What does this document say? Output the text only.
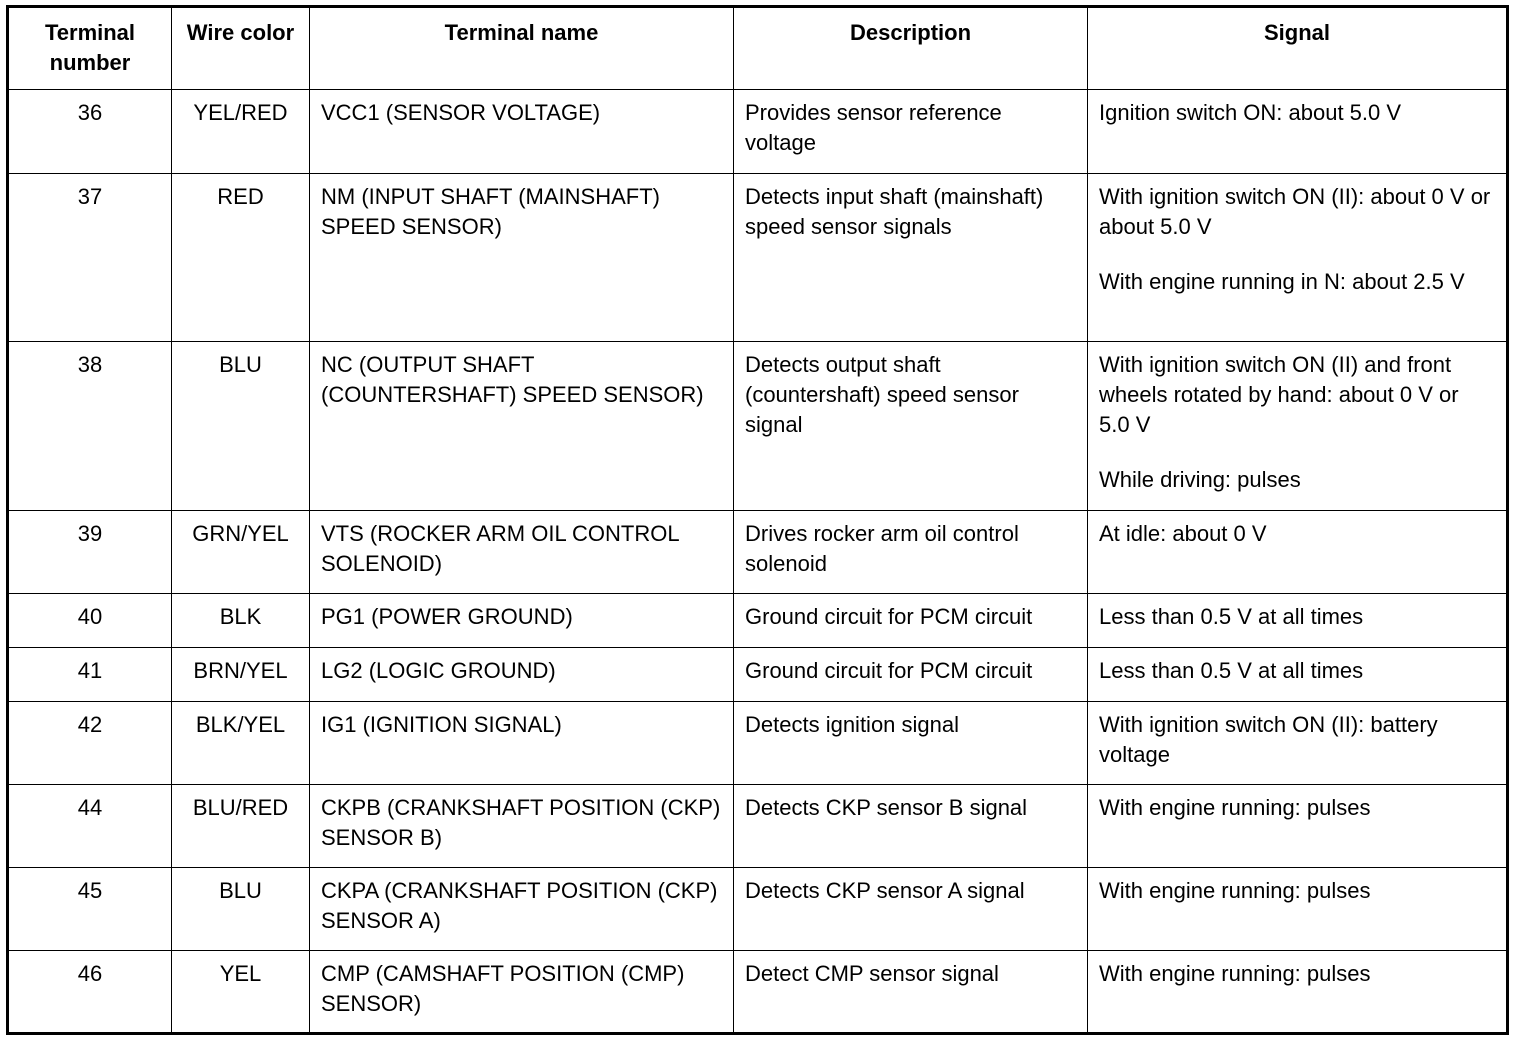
Terminal number	Wire color	Terminal name	Description	Signal
36	YEL/RED	VCC1 (SENSOR VOLTAGE)	Provides sensor reference voltage	Ignition switch ON: about 5.0 V

37	RED	NM (INPUT SHAFT (MAINSHAFT) SPEED SENSOR)	Detects input shaft (mainshaft) speed sensor signals	With ignition switch ON (II): about 0 V or about 5.0 V

With engine running in N: about 2.5 V

38	BLU	NC (OUTPUT SHAFT (COUNTERSHAFT) SPEED SENSOR)	Detects output shaft (countershaft) speed sensor signal	With ignition switch ON (II) and front wheels rotated by hand: about 0 V or 5.0 V

While driving: pulses

39	GRN/YEL	VTS (ROCKER ARM OIL CONTROL SOLENOID)	Drives rocker arm oil control solenoid	At idle: about 0 V

40	BLK	PG1 (POWER GROUND)	Ground circuit for PCM circuit	Less than 0.5 V at all times

41	BRN/YEL	LG2 (LOGIC GROUND)	Ground circuit for PCM circuit	Less than 0.5 V at all times

42	BLK/YEL	IG1 (IGNITION SIGNAL)	Detects ignition signal	With ignition switch ON (II): battery voltage

44	BLU/RED	CKPB (CRANKSHAFT POSITION (CKP) SENSOR B)	Detects CKP sensor B signal	With engine running: pulses

45	BLU	CKPA (CRANKSHAFT POSITION (CKP) SENSOR A)	Detects CKP sensor A signal	With engine running: pulses

46	YEL	CMP (CAMSHAFT POSITION (CMP) SENSOR)	Detect CMP sensor signal	With engine running: pulses
